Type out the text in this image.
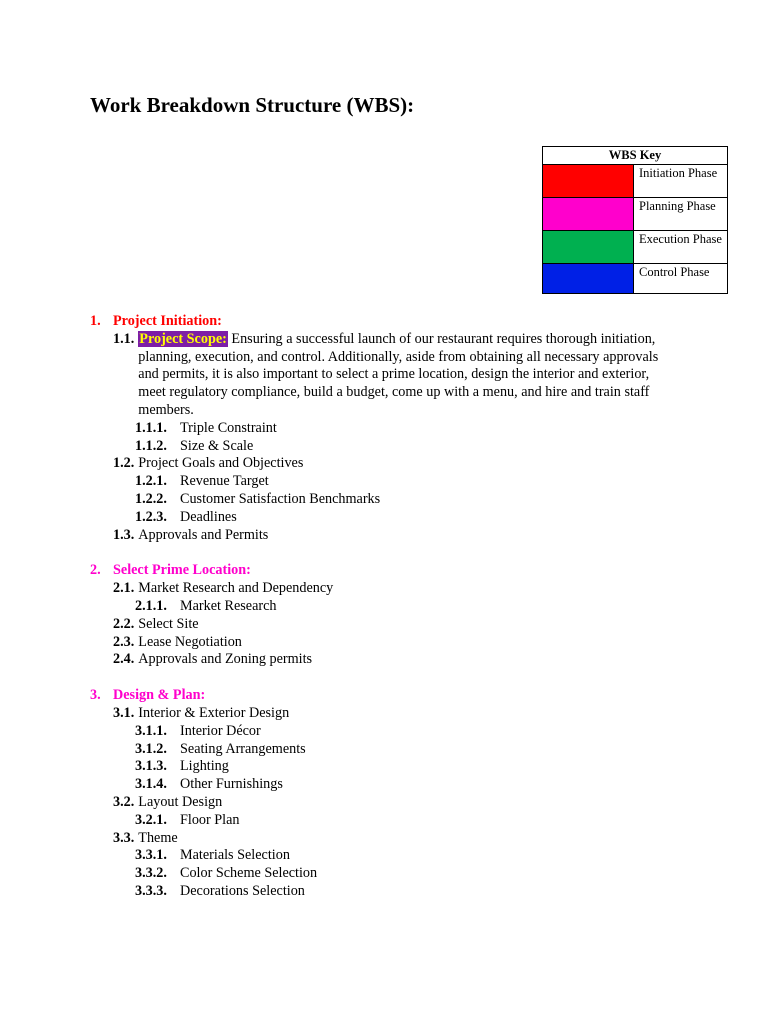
Work Breakdown Structure (WBS):
WBS Key	
	Initiation Phase
	Planning Phase
	Execution Phase
	Control Phase
1. Project Initiation:
1.1. Project Scope: Ensuring a successful launch of our restaurant requires thorough initiation, planning, execution, and control. Additionally, aside from obtaining all necessary approvals and permits, it is also important to select a prime location, design the interior and exterior, meet regulatory compliance, build a budget, come up with a menu, and hire and train staff members.
1.1.1. Triple Constraint
1.1.2. Size & Scale
1.2. Project Goals and Objectives
1.2.1. Revenue Target
1.2.2. Customer Satisfaction Benchmarks
1.2.3. Deadlines
1.3. Approvals and Permits
2. Select Prime Location:
2.1. Market Research and Dependency
2.1.1. Market Research
2.2. Select Site
2.3. Lease Negotiation
2.4. Approvals and Zoning permits
3. Design & Plan:
3.1. Interior & Exterior Design
3.1.1. Interior Décor
3.1.2. Seating Arrangements
3.1.3. Lighting
3.1.4. Other Furnishings
3.2. Layout Design
3.2.1. Floor Plan
3.3. Theme
3.3.1. Materials Selection
3.3.2. Color Scheme Selection
3.3.3. Decorations Selection
